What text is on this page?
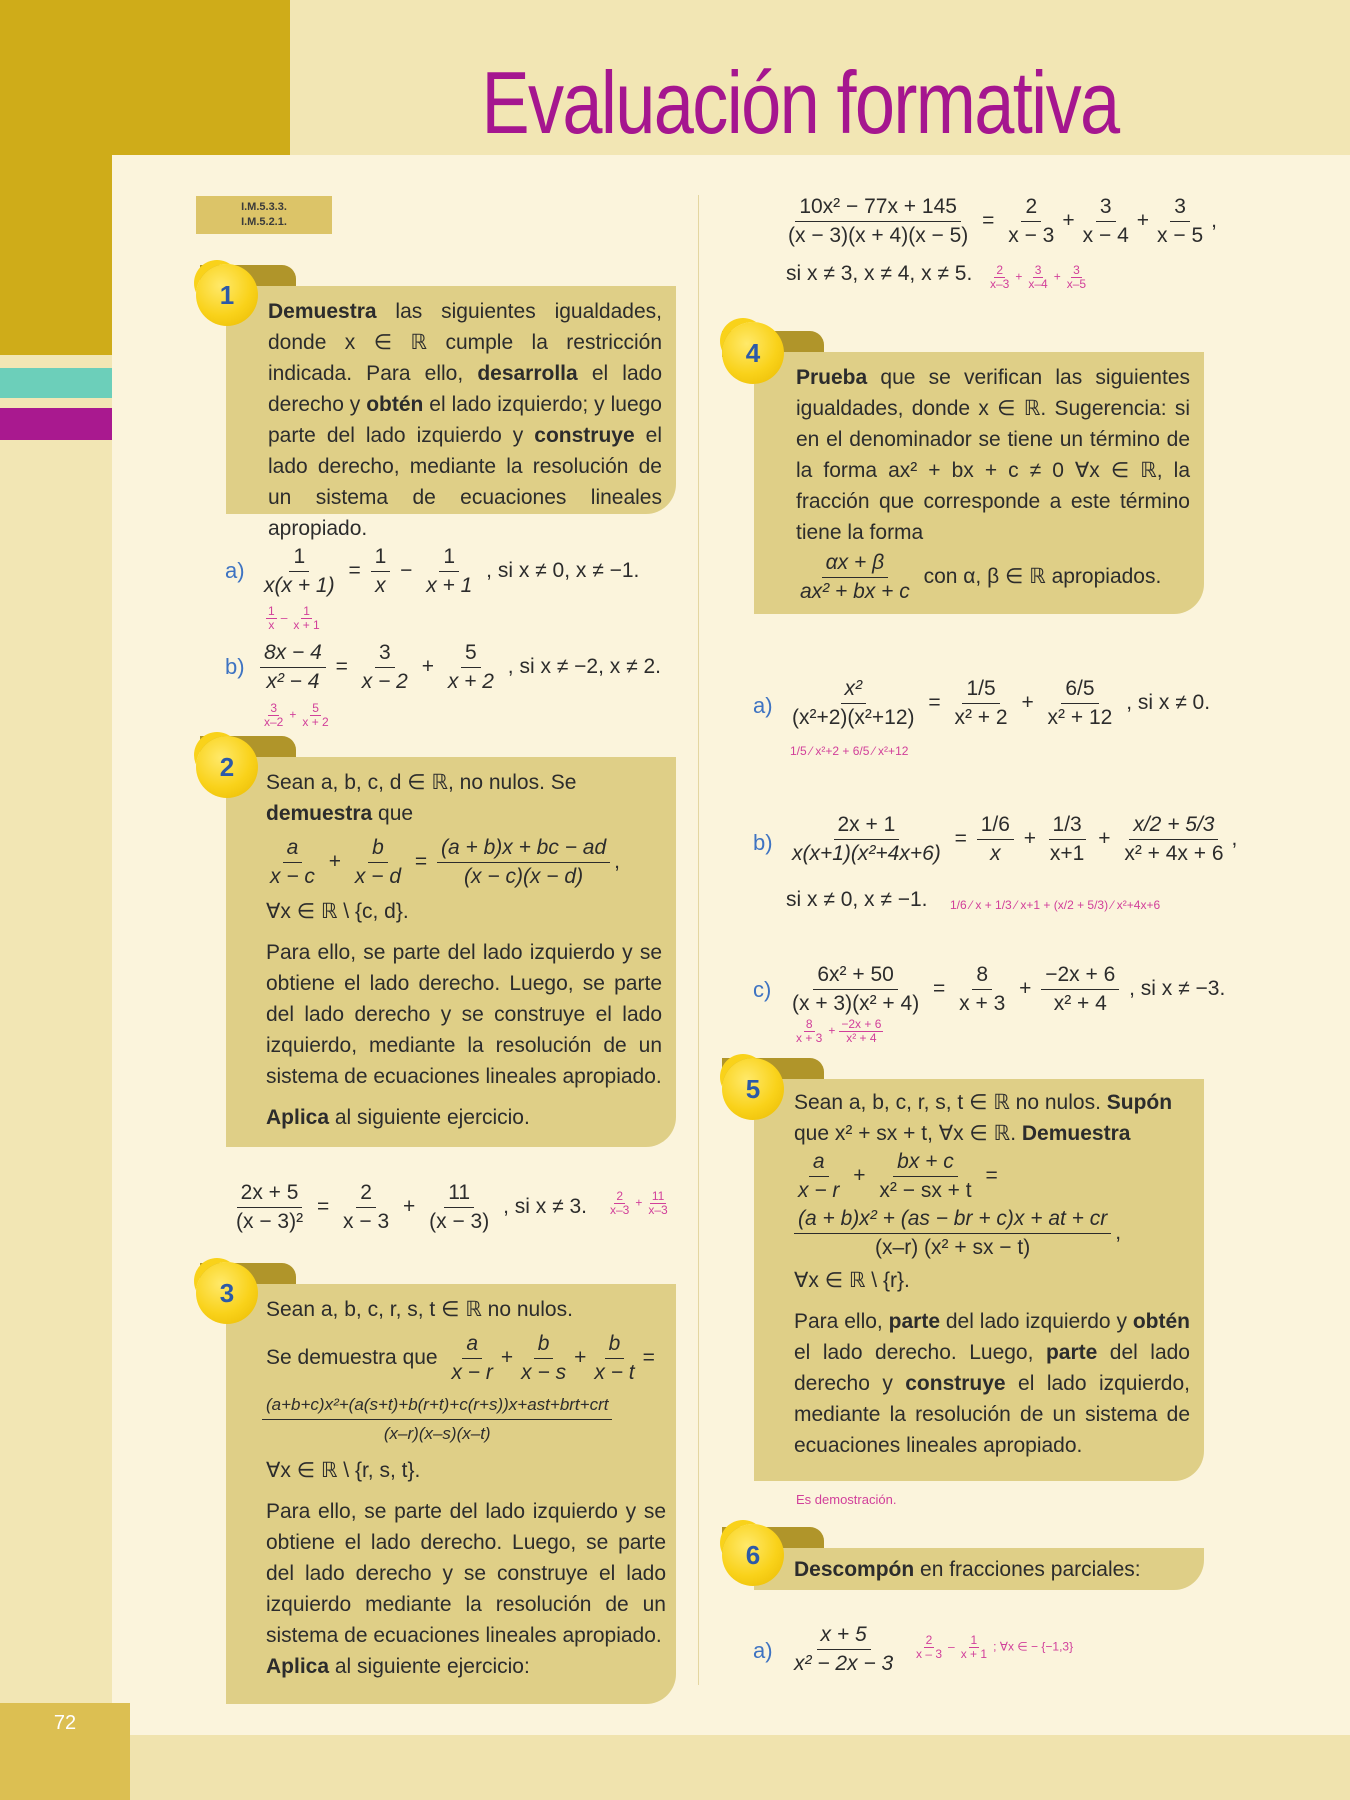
72
Evaluación formativa
I.M.5.3.3.
I.M.5.2.1.
Demuestra las siguientes igualdades, donde x ∈ ℝ cumple la restricción indicada. Para ello, desarrolla el lado derecho y obtén el lado izquierdo; y luego parte del lado izquierdo y construye el lado derecho, mediante la resolución de un sistema de ecuaciones lineales apropiado.
1
$a) \frac{1}{x(x + 1)} = \frac{1}{x} - \frac{1}{x + 1}$ , si x ≠ 0, x ≠ −1.
$\frac{1}{x} - \frac{1}{x + 1}$
$b) \frac{8x - 4}{\text{x² − 4}} = \frac{3}{x - 2} + \frac{5}{x + 2}$ , si x ≠ −2, x ≠ 2.
$\frac{3}{x-2} + \frac{5}{x + 2}$

Sean a, b, c, d ∈ ℝ, no nulos. Se demuestra que

$\frac{a}{x - c} + \frac{b}{x - d} = \frac{(a + b)x + bc - ad}{(x - c)(x - d)}$ ,

∀x ∈ ℝ \ {c, d}.

Para ello, se parte del lado izquierdo y se obtiene el lado derecho. Luego, se parte del lado derecho y se construye el lado izquierdo, mediante la resolución de un sistema de ecuaciones lineales apropiado.

Aplica al siguiente ejercicio.

2
$\frac{2x + 5}{\text{(x − 3)²}} = \frac{2}{x - 3} + \frac{11}{(x - 3)}$ , si x ≠ 3. $\frac{2}{x-3} + \frac{11}{x-3}$

Sean a, b, c, r, s, t ∈ ℝ no nulos.

Se demuestra que $\frac{a}{x - r} + \frac{b}{x - s} + \frac{b}{x - t}$ =
$\frac{\text{(a+b+c)x²+(a(s+t)+b(r+t)+c(r+s))x+ast+brt+crt}}{(x-r)(x-s)(x-t)}$

∀x ∈ ℝ \ {r, s, t}.

Para ello, se parte del lado izquierdo y se obtiene el lado derecho. Luego, se parte del lado derecho y se construye el lado izquierdo mediante la resolución de un sistema de ecuaciones lineales apropiado.

Aplica al siguiente ejercicio:

3
$\frac{\text{10x² − 77x + 145}}{(x - 3)(x + 4)(x - 5)} = \frac{2}{x - 3} + \frac{3}{x - 4} + \frac{3}{x - 5}$ ,
si x ≠ 3, x ≠ 4, x ≠ 5. $\frac{2}{x-3} + \frac{3}{x-4} + \frac{3}{x-5}$

Prueba que se verifican las siguientes igualdades, donde x ∈ ℝ. Sugerencia: si en el denominador se tiene un término de la forma ax² + bx + c ≠ 0 ∀x ∈ ℝ, la fracción que corresponde a este término tiene la forma

$\frac{\alpha x + \beta}{\text{ax² + bx + c}}$ con α, β ∈ ℝ apropiados.
4
$a) \frac{\text{x²}}{\text{(x²+2)(x²+12)}} = \frac{1/5}{\text{x² + 2}} + \frac{6/5}{\text{x² + 12}}$ , si x ≠ 0.
1/5 ⁄ x²+2 + 6/5 ⁄ x²+12
$b) \frac{2x + 1}{\text{x(x+1)(x²+4x+6)}} = \frac{1/6}{x} + \frac{1/3}{x+1} + \frac{x/2 + 5/3}{\text{x² + 4x + 6}}$ ,
si x ≠ 0, x ≠ −1. 1/6 ⁄ x + 1/3 ⁄ x+1 + (x/2 + 5/3) ⁄ x²+4x+6
$c) \frac{\text{6x² + 50}}{\text{(x + 3)(x² + 4)}} = \frac{8}{x + 3} + \frac{-2x + 6}{\text{x² + 4}}$ , si x ≠ −3.
$\frac{8}{x + 3} + \frac{-2x + 6}{\text{x² + 4}}$

Sean a, b, c, r, s, t ∈ ℝ no nulos. Supón que x² + sx + t, ∀x ∈ ℝ. Demuestra

$\frac{a}{x - r} + \frac{bx + c}{\text{x² − sx + t}}$ =
$\frac{\text{(a + b)x² + (as − br + c)x + at + cr}}{\text{(x–r) (x² + sx − t)}}$ ,

∀x ∈ ℝ \ {r}.

Para ello, parte del lado izquierdo y obtén el lado derecho. Luego, parte del lado derecho y construye el lado izquierdo, mediante la resolución de un sistema de ecuaciones lineales apropiado.

5
Es demostración.

Descompón en fracciones parciales:

6
$a) \frac{x + 5}{\text{x² − 2x − 3}} \frac{2}{x - 3} - \frac{1}{x + 1}$ ; ∀x ∈ − {−1,3}
